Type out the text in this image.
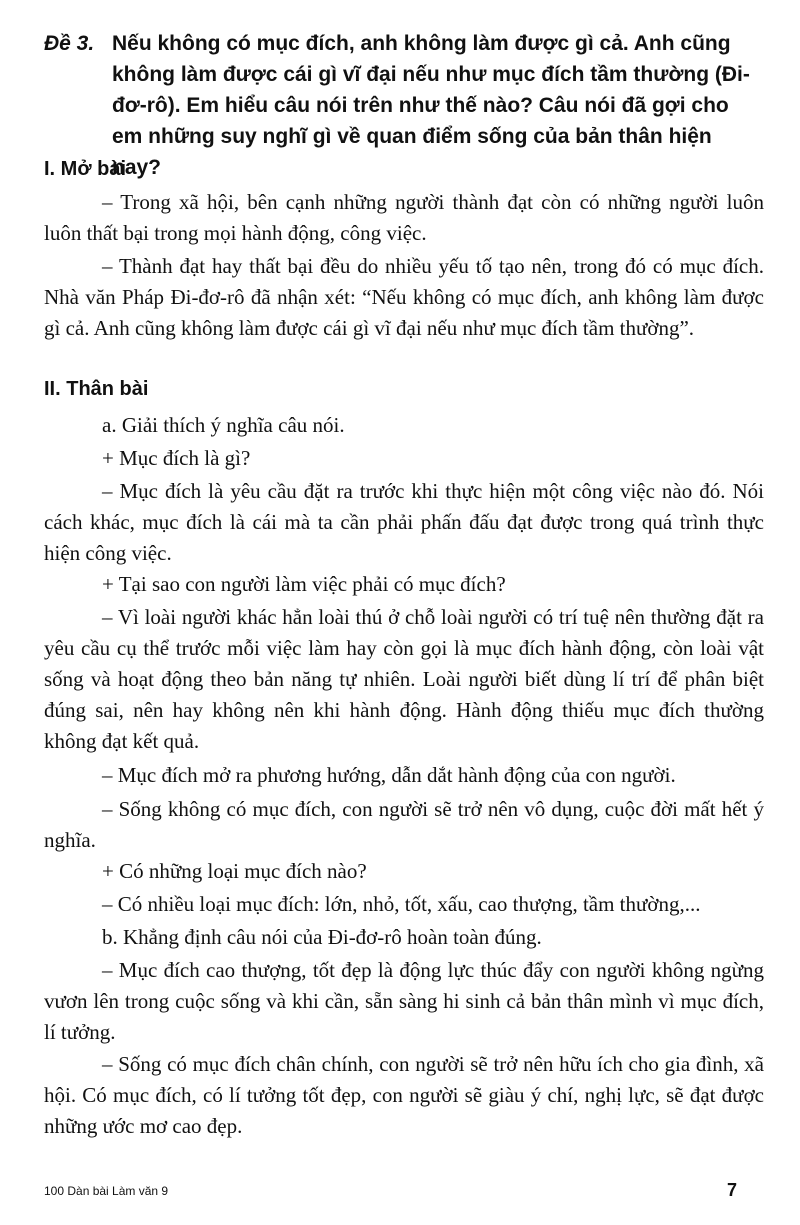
Đề 3. Nếu không có mục đích, anh không làm được gì cả. Anh cũng không làm được cái gì vĩ đại nếu như mục đích tầm thường (Đi-đơ-rô). Em hiểu câu nói trên như thế nào? Câu nói đã gợi cho em những suy nghĩ gì về quan điểm sống của bản thân hiện nay?
I. Mở bài
– Trong xã hội, bên cạnh những người thành đạt còn có những người luôn luôn thất bại trong mọi hành động, công việc.
– Thành đạt hay thất bại đều do nhiều yếu tố tạo nên, trong đó có mục đích. Nhà văn Pháp Đi-đơ-rô đã nhận xét: “Nếu không có mục đích, anh không làm được gì cả. Anh cũng không làm được cái gì vĩ đại nếu như mục đích tầm thường”.
II. Thân bài
a. Giải thích ý nghĩa câu nói.
+ Mục đích là gì?
– Mục đích là yêu cầu đặt ra trước khi thực hiện một công việc nào đó. Nói cách khác, mục đích là cái mà ta cần phải phấn đấu đạt được trong quá trình thực hiện công việc.
+ Tại sao con người làm việc phải có mục đích?
– Vì loài người khác hẳn loài thú ở chỗ loài người có trí tuệ nên thường đặt ra yêu cầu cụ thể trước mỗi việc làm hay còn gọi là mục đích hành động, còn loài vật sống và hoạt động theo bản năng tự nhiên. Loài người biết dùng lí trí để phân biệt đúng sai, nên hay không nên khi hành động. Hành động thiếu mục đích thường không đạt kết quả.
– Mục đích mở ra phương hướng, dẫn dắt hành động của con người.
– Sống không có mục đích, con người sẽ trở nên vô dụng, cuộc đời mất hết ý nghĩa.
+ Có những loại mục đích nào?
– Có nhiều loại mục đích: lớn, nhỏ, tốt, xấu, cao thượng, tầm thường,...
b. Khẳng định câu nói của Đi-đơ-rô hoàn toàn đúng.
– Mục đích cao thượng, tốt đẹp là động lực thúc đẩy con người không ngừng vươn lên trong cuộc sống và khi cần, sẵn sàng hi sinh cả bản thân mình vì mục đích, lí tưởng.
– Sống có mục đích chân chính, con người sẽ trở nên hữu ích cho gia đình, xã hội. Có mục đích, có lí tưởng tốt đẹp, con người sẽ giàu ý chí, nghị lực, sẽ đạt được những ước mơ cao đẹp.
100 Dàn bài Làm văn 9	7
